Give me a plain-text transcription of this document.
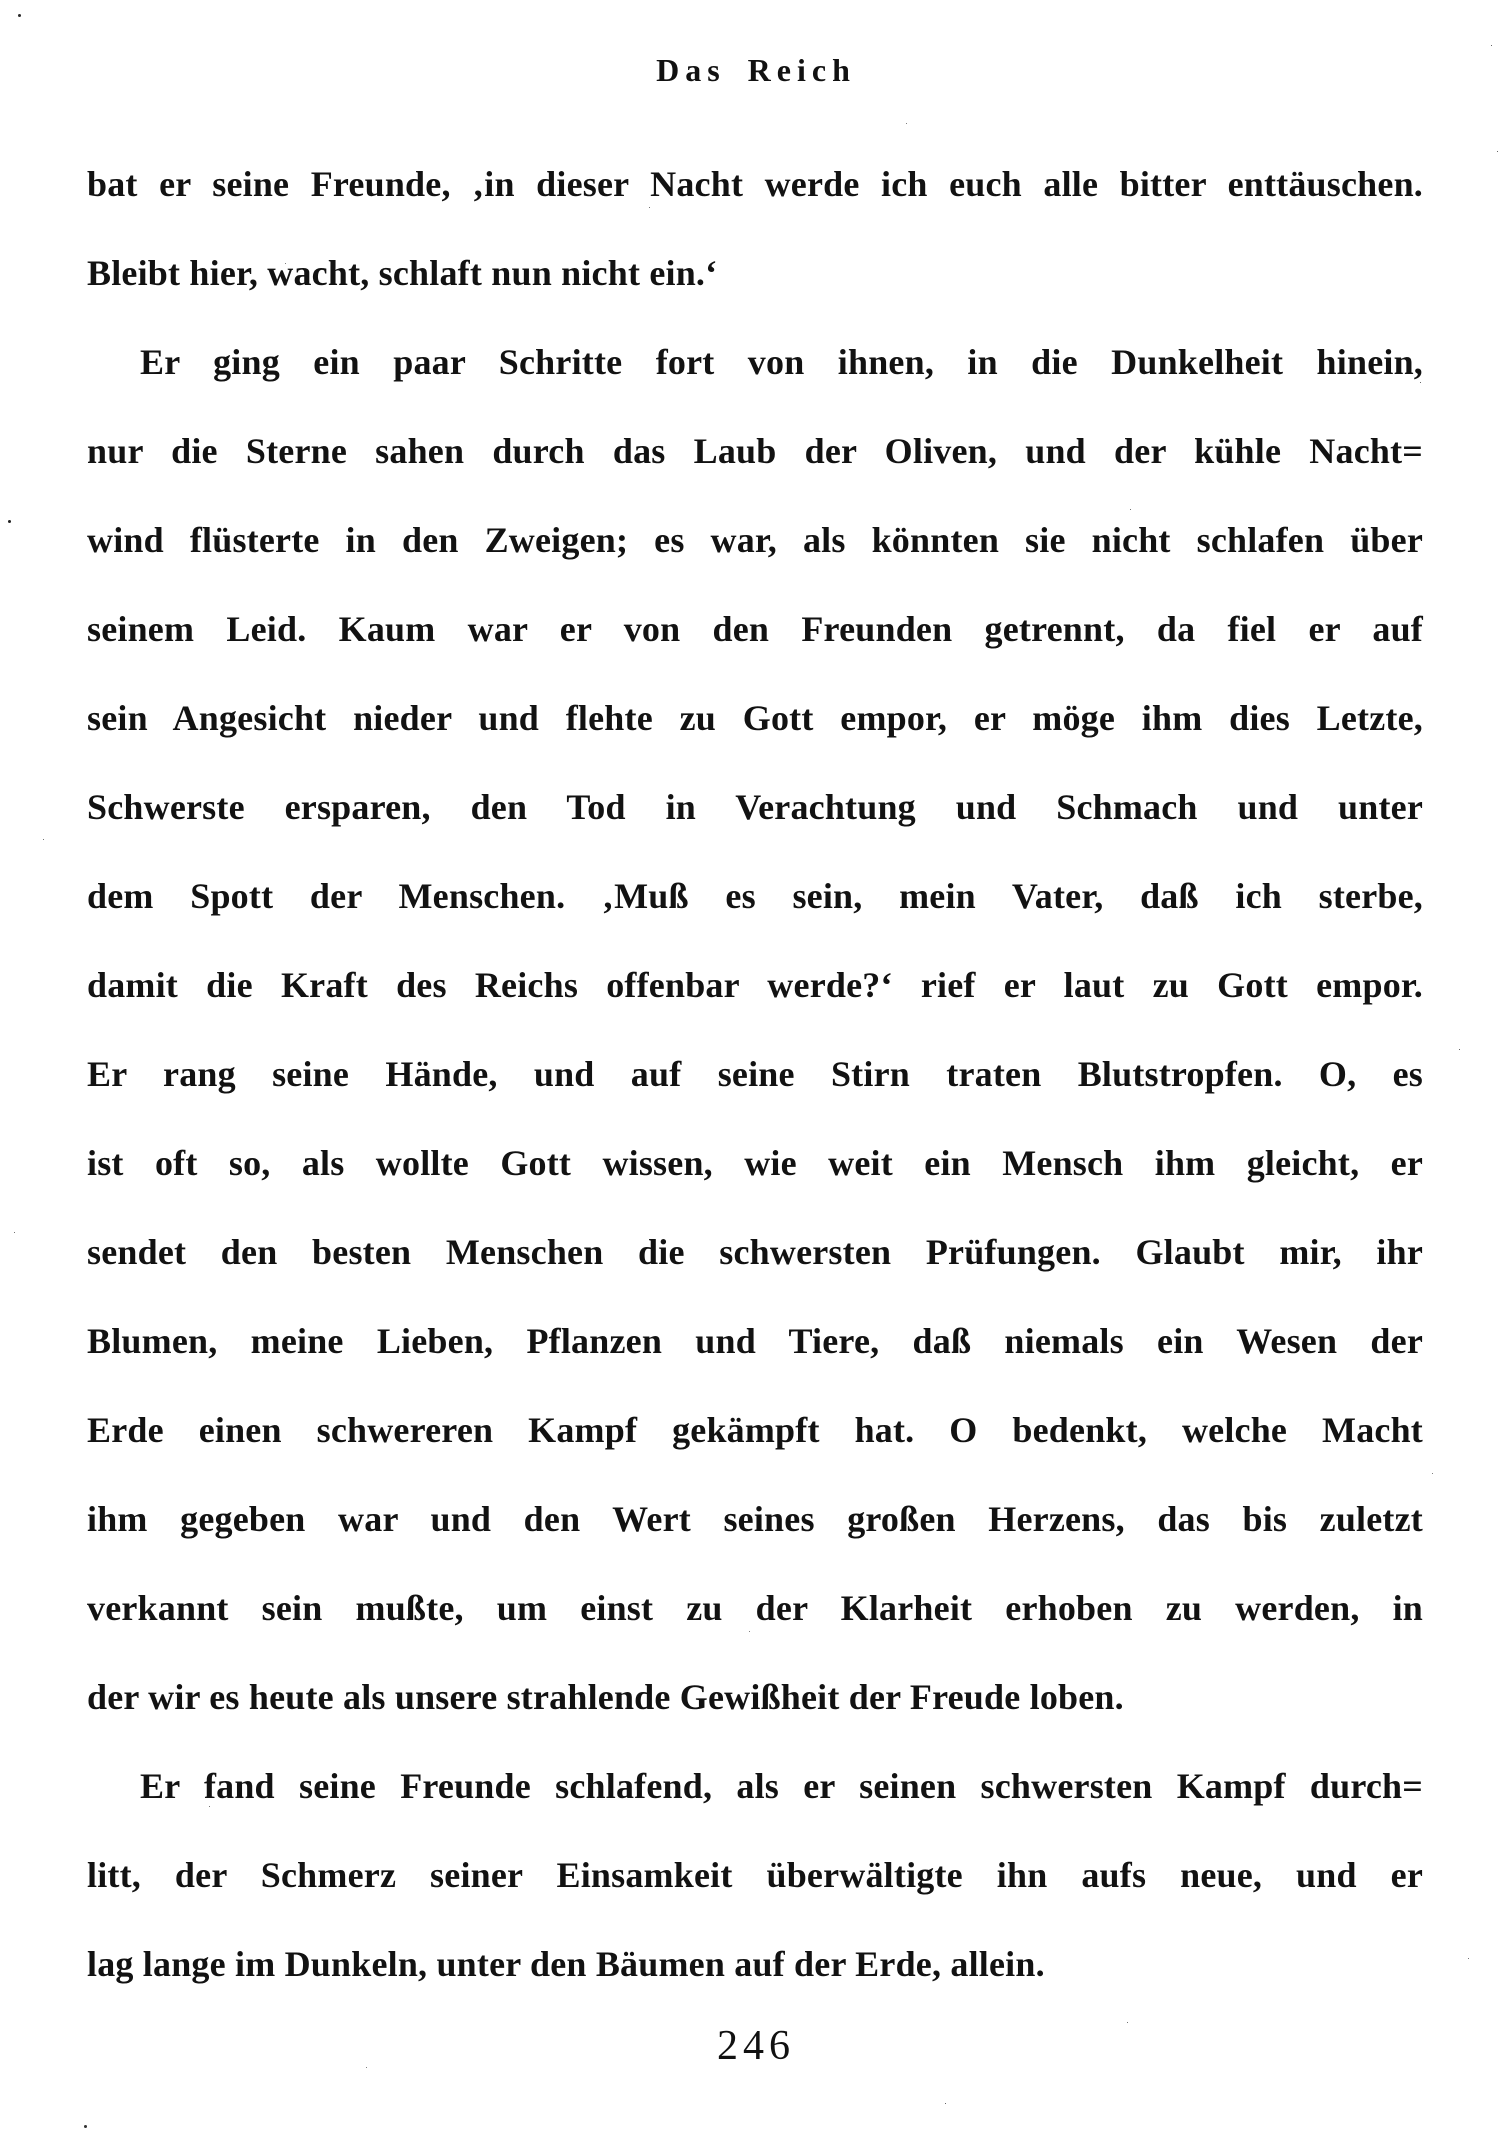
Das Reich
bat er seine Freunde, ‚in dieser Nacht werde ich euch alle bitter enttäuschen.
Bleibt hier, wacht, schlaft nun nicht ein.‘
Er ging ein paar Schritte fort von ihnen, in die Dunkelheit hinein,
nur die Sterne sahen durch das Laub der Oliven, und der kühle Nacht=
wind flüsterte in den Zweigen; es war, als könnten sie nicht schlafen über
seinem Leid. Kaum war er von den Freunden getrennt, da fiel er auf
sein Angesicht nieder und flehte zu Gott empor, er möge ihm dies Letzte,
Schwerste ersparen, den Tod in Verachtung und Schmach und unter
dem Spott der Menschen. ‚Muß es sein, mein Vater, daß ich sterbe,
damit die Kraft des Reichs offenbar werde?‘ rief er laut zu Gott empor.
Er rang seine Hände, und auf seine Stirn traten Blutstropfen. O, es
ist oft so, als wollte Gott wissen, wie weit ein Mensch ihm gleicht, er
sendet den besten Menschen die schwersten Prüfungen. Glaubt mir, ihr
Blumen, meine Lieben, Pflanzen und Tiere, daß niemals ein Wesen der
Erde einen schwereren Kampf gekämpft hat. O bedenkt, welche Macht
ihm gegeben war und den Wert seines großen Herzens, das bis zuletzt
verkannt sein mußte, um einst zu der Klarheit erhoben zu werden, in
der wir es heute als unsere strahlende Gewißheit der Freude loben.
Er fand seine Freunde schlafend, als er seinen schwersten Kampf durch=
litt, der Schmerz seiner Einsamkeit überwältigte ihn aufs neue, und er
lag lange im Dunkeln, unter den Bäumen auf der Erde, allein.
246
